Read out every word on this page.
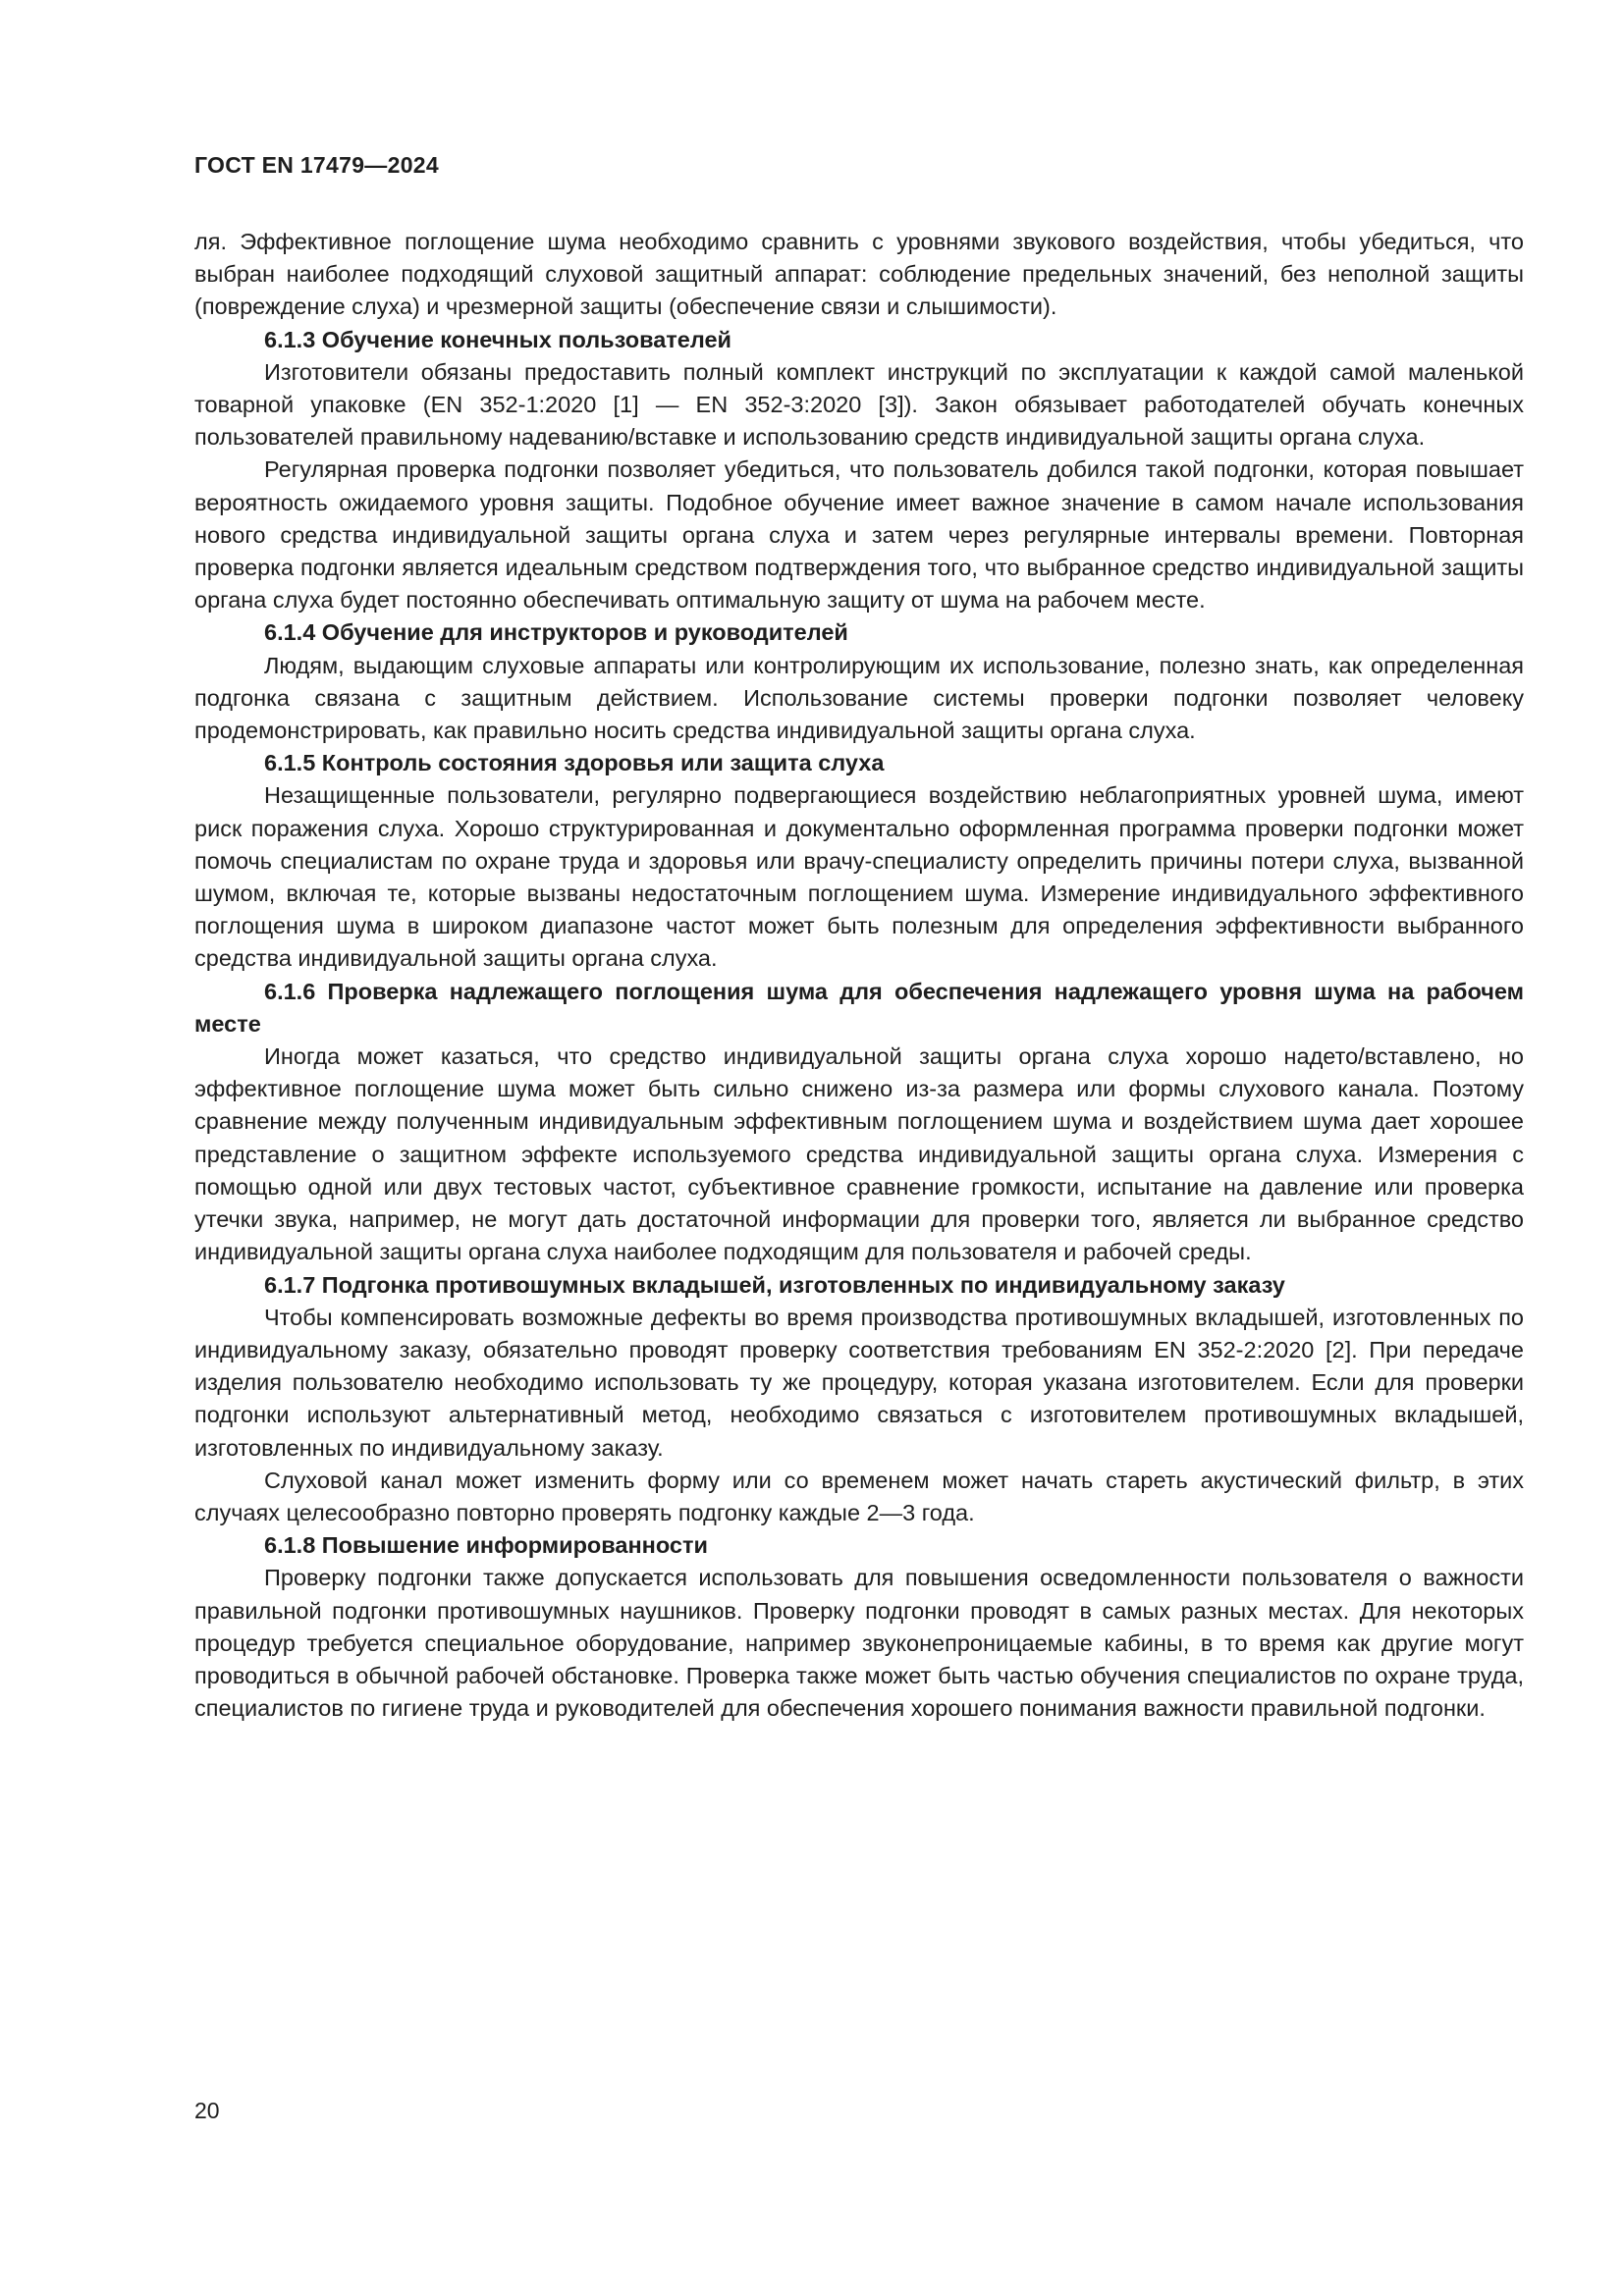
ГОСТ EN 17479—2024

ля. Эффективное поглощение шума необходимо сравнить с уровнями звукового воздействия, чтобы убедиться, что выбран наиболее подходящий слуховой защитный аппарат: соблюдение предельных значений, без неполной защиты (повреждение слуха) и чрезмерной защиты (обеспечение связи и слышимости).

6.1.3 Обучение конечных пользователей

Изготовители обязаны предоставить полный комплект инструкций по эксплуатации к каждой самой маленькой товарной упаковке (EN 352-1:2020 [1] — EN 352-3:2020 [3]). Закон обязывает работодателей обучать конечных пользователей правильному надеванию/вставке и использованию средств индивидуальной защиты органа слуха.

Регулярная проверка подгонки позволяет убедиться, что пользователь добился такой подгонки, которая повышает вероятность ожидаемого уровня защиты. Подобное обучение имеет важное значение в самом начале использования нового средства индивидуальной защиты органа слуха и затем через регулярные интервалы времени. Повторная проверка подгонки является идеальным средством подтверждения того, что выбранное средство индивидуальной защиты органа слуха будет постоянно обеспечивать оптимальную защиту от шума на рабочем месте.

6.1.4 Обучение для инструкторов и руководителей

Людям, выдающим слуховые аппараты или контролирующим их использование, полезно знать, как определенная подгонка связана с защитным действием. Использование системы проверки подгонки позволяет человеку продемонстрировать, как правильно носить средства индивидуальной защиты органа слуха.

6.1.5 Контроль состояния здоровья или защита слуха

Незащищенные пользователи, регулярно подвергающиеся воздействию неблагоприятных уровней шума, имеют риск поражения слуха. Хорошо структурированная и документально оформленная программа проверки подгонки может помочь специалистам по охране труда и здоровья или врачу-специалисту определить причины потери слуха, вызванной шумом, включая те, которые вызваны недостаточным поглощением шума. Измерение индивидуального эффективного поглощения шума в широком диапазоне частот может быть полезным для определения эффективности выбранного средства индивидуальной защиты органа слуха.

6.1.6 Проверка надлежащего поглощения шума для обеспечения надлежащего уровня шума на рабочем месте

Иногда может казаться, что средство индивидуальной защиты органа слуха хорошо надето/вставлено, но эффективное поглощение шума может быть сильно снижено из-за размера или формы слухового канала. Поэтому сравнение между полученным индивидуальным эффективным поглощением шума и воздействием шума дает хорошее представление о защитном эффекте используемого средства индивидуальной защиты органа слуха. Измерения с помощью одной или двух тестовых частот, субъективное сравнение громкости, испытание на давление или проверка утечки звука, например, не могут дать достаточной информации для проверки того, является ли выбранное средство индивидуальной защиты органа слуха наиболее подходящим для пользователя и рабочей среды.

6.1.7 Подгонка противошумных вкладышей, изготовленных по индивидуальному заказу

Чтобы компенсировать возможные дефекты во время производства противошумных вкладышей, изготовленных по индивидуальному заказу, обязательно проводят проверку соответствия требованиям EN 352-2:2020 [2]. При передаче изделия пользователю необходимо использовать ту же процедуру, которая указана изготовителем. Если для проверки подгонки используют альтернативный метод, необходимо связаться с изготовителем противошумных вкладышей, изготовленных по индивидуальному заказу.

Слуховой канал может изменить форму или со временем может начать стареть акустический фильтр, в этих случаях целесообразно повторно проверять подгонку каждые 2—3 года.

6.1.8 Повышение информированности

Проверку подгонки также допускается использовать для повышения осведомленности пользователя о важности правильной подгонки противошумных наушников. Проверку подгонки проводят в самых разных местах. Для некоторых процедур требуется специальное оборудование, например звуконепроницаемые кабины, в то время как другие могут проводиться в обычной рабочей обстановке. Проверка также может быть частью обучения специалистов по охране труда, специалистов по гигиене труда и руководителей для обеспечения хорошего понимания важности правильной подгонки.

20
